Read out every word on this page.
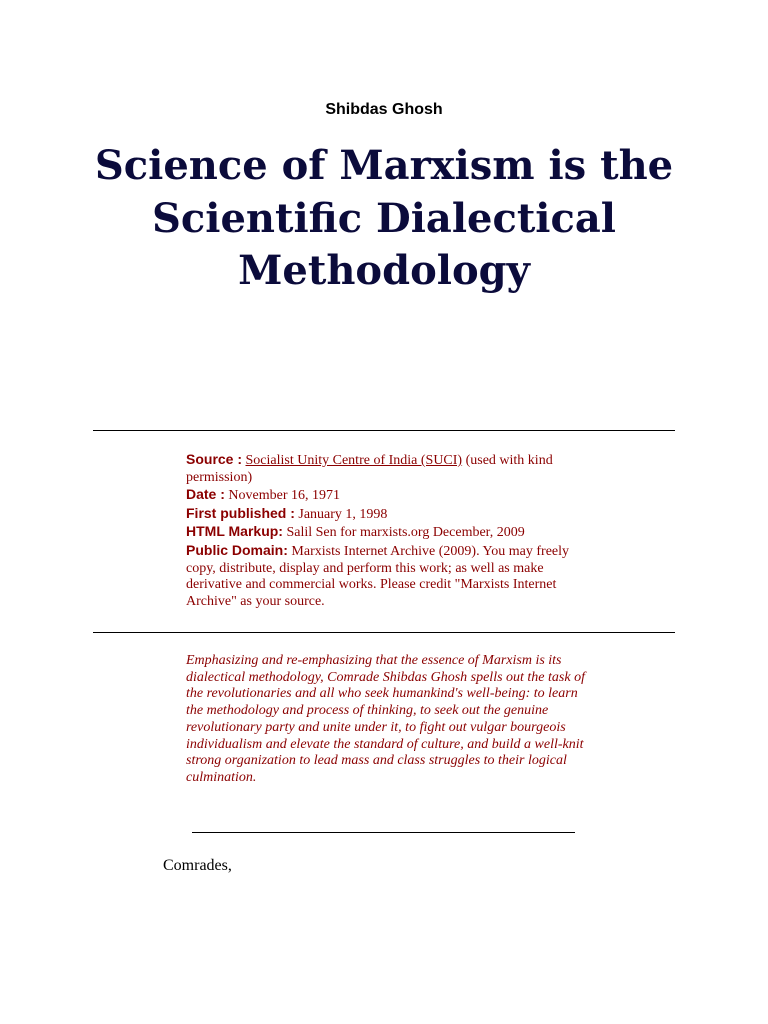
Shibdas Ghosh

Science of Marxism is the Scientific Dialectical Methodology

Source : Socialist Unity Centre of India (SUCI) (used with kind permission)
Date : November 16, 1971
First published : January 1, 1998
HTML Markup: Salil Sen for marxists.org December, 2009
Public Domain: Marxists Internet Archive (2009). You may freely copy, distribute, display and perform this work; as well as make derivative and commercial works. Please credit "Marxists Internet Archive" as your source.

Emphasizing and re-emphasizing that the essence of Marxism is its dialectical methodology, Comrade Shibdas Ghosh spells out the task of the revolutionaries and all who seek humankind's well-being: to learn the methodology and process of thinking, to seek out the genuine revolutionary party and unite under it, to fight out vulgar bourgeois individualism and elevate the standard of culture, and build a well-knit strong organization to lead mass and class struggles to their logical culmination.

Comrades,
